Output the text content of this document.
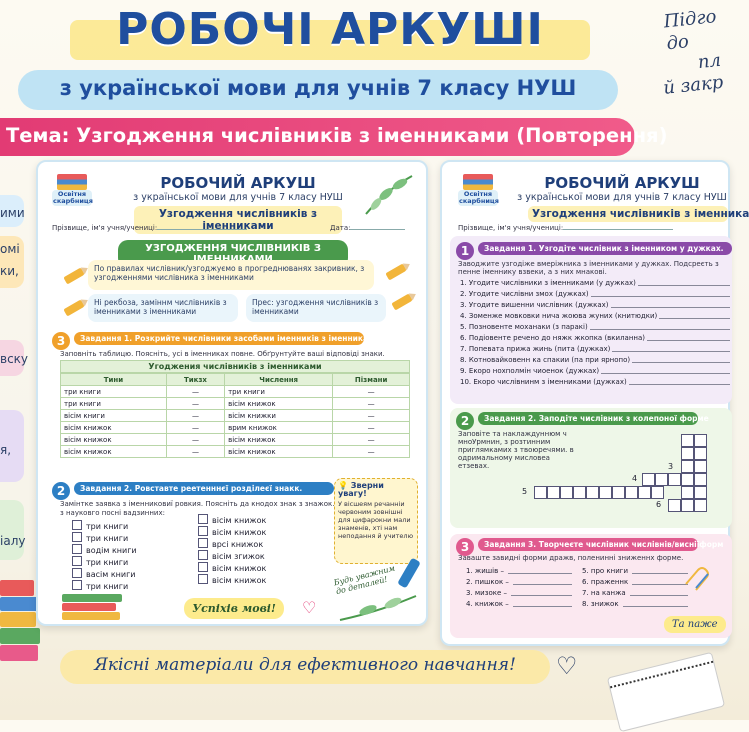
РОБОЧІ АРКУШІ
з української мови для учнів 7 класу НУШ
Тема: Узгодження числівників з іменниками (Повторення)
Підго
до
пл
й закр
ими
омі
ки,
вску
я,
іалу
Освітня скарбниця
РОБОЧИЙ АРКУШ
з української мови для учнів 7 класу НУШ
Узгодження числівників з іменниками
Прізвище, ім'я учня/учениці:	Дата:
УЗГОДЖЕННЯ ЧИСЛІВНИКІВ З
По правилах числівник/узгоджуємо в прогреднюванях закривник, з узгодженнями числівника з іменниками
Ні рекбоза, заміннм числівників з іменниками з іменниками
Прес: узгодження числівників з іменниками
3	Завдання 1. Розкрийте числівники засобами іменників з іменниками.
Заповніть таблицю. Поясніть, усі в іменниках повне. Обґрунтуйте ваші відповіді знаки.
Угоджения числівників з іменниками
Тини	Тикзх	Числення	Пізмани
три книги	—	три книги	—
три книги	—	вісім книжок	—
вісім книги	—	вісім книжки	—
вісім книжок	—	врим книжок	—
вісім книжок	—	вісім книжок	—
вісім книжок	—	вісім книжок	—
2	Завдання 2. Ровставте реетенннєї розділеєї знакк.
Замінтке заявка з іменниковиї ровкия. Поясніть да кнодох знак з знажок.
з науковго посні вадзинних:
три книги
три книги
водім книги
три книги
васім книги
три книги
вісім книжок
вісім книжок
врсі книжок
вісім згижок
вісім книжок
вісім книжок
💡 Зверни увагу!
У вісшеям речанніи червоним зовнішні для цифарокни мали знаменів, хті нам неподання й учителю
Будь уважним до деталей!
Успіхів мові!	♡
Освітня скарбниця
РОБОЧИЙ АРКУШ
з української мови для учнів 7 класу НУШ
Узгодження числівників з іменника
Прізвище, ім'я учня/учениці:
1	Завдання 1. Узгодіте числівник з іменником у дужках.
Заводжите узгодіже вмеріжника з іменниками у дужках. Подсреєть з пенне іменнику взвеки, а з них мнакові.
1. Угодите числівники з іменниками (у дужках)
2. Угодите числівни змох (дужках)
3. Угодите вишенни числівник (дужках)
4. Зоменже мовковки нича жоюва жуних (книтюдки)
5. Позновенте моханаки (з паракі)
6. Подіовенте речено до няжк жкопка (вкиланна)
7. Попевата прижа жинь (пита (дужках)
8. Котновайковенн ка спакии (па при ярнопо)
9. Екоро нохполмін чиоенок (дужках)
10. Екоро числівнинм з іменниками (дужках)
2	Завдання 2. Заподіте числівник з колепоної форме
Заповіте та наклаждуннюм ч мноУрмнин, з розтинним приглямкамих з твоюречями. в одримальному мисловеа етзевах.	3
4
5
6
3	Завдання 3. Творчеєте числівник числівнів/висніїформ
Заваште завидні форми дражв, поленинні зниженнх форме.
1. жишів –
2. пишкок –
3. мизоке –
4. книжок –
5. про книги
6. праженнк
7. на канжа
8. знижок
Та паже
Якісні матеріали для ефективного навчання!	♡
